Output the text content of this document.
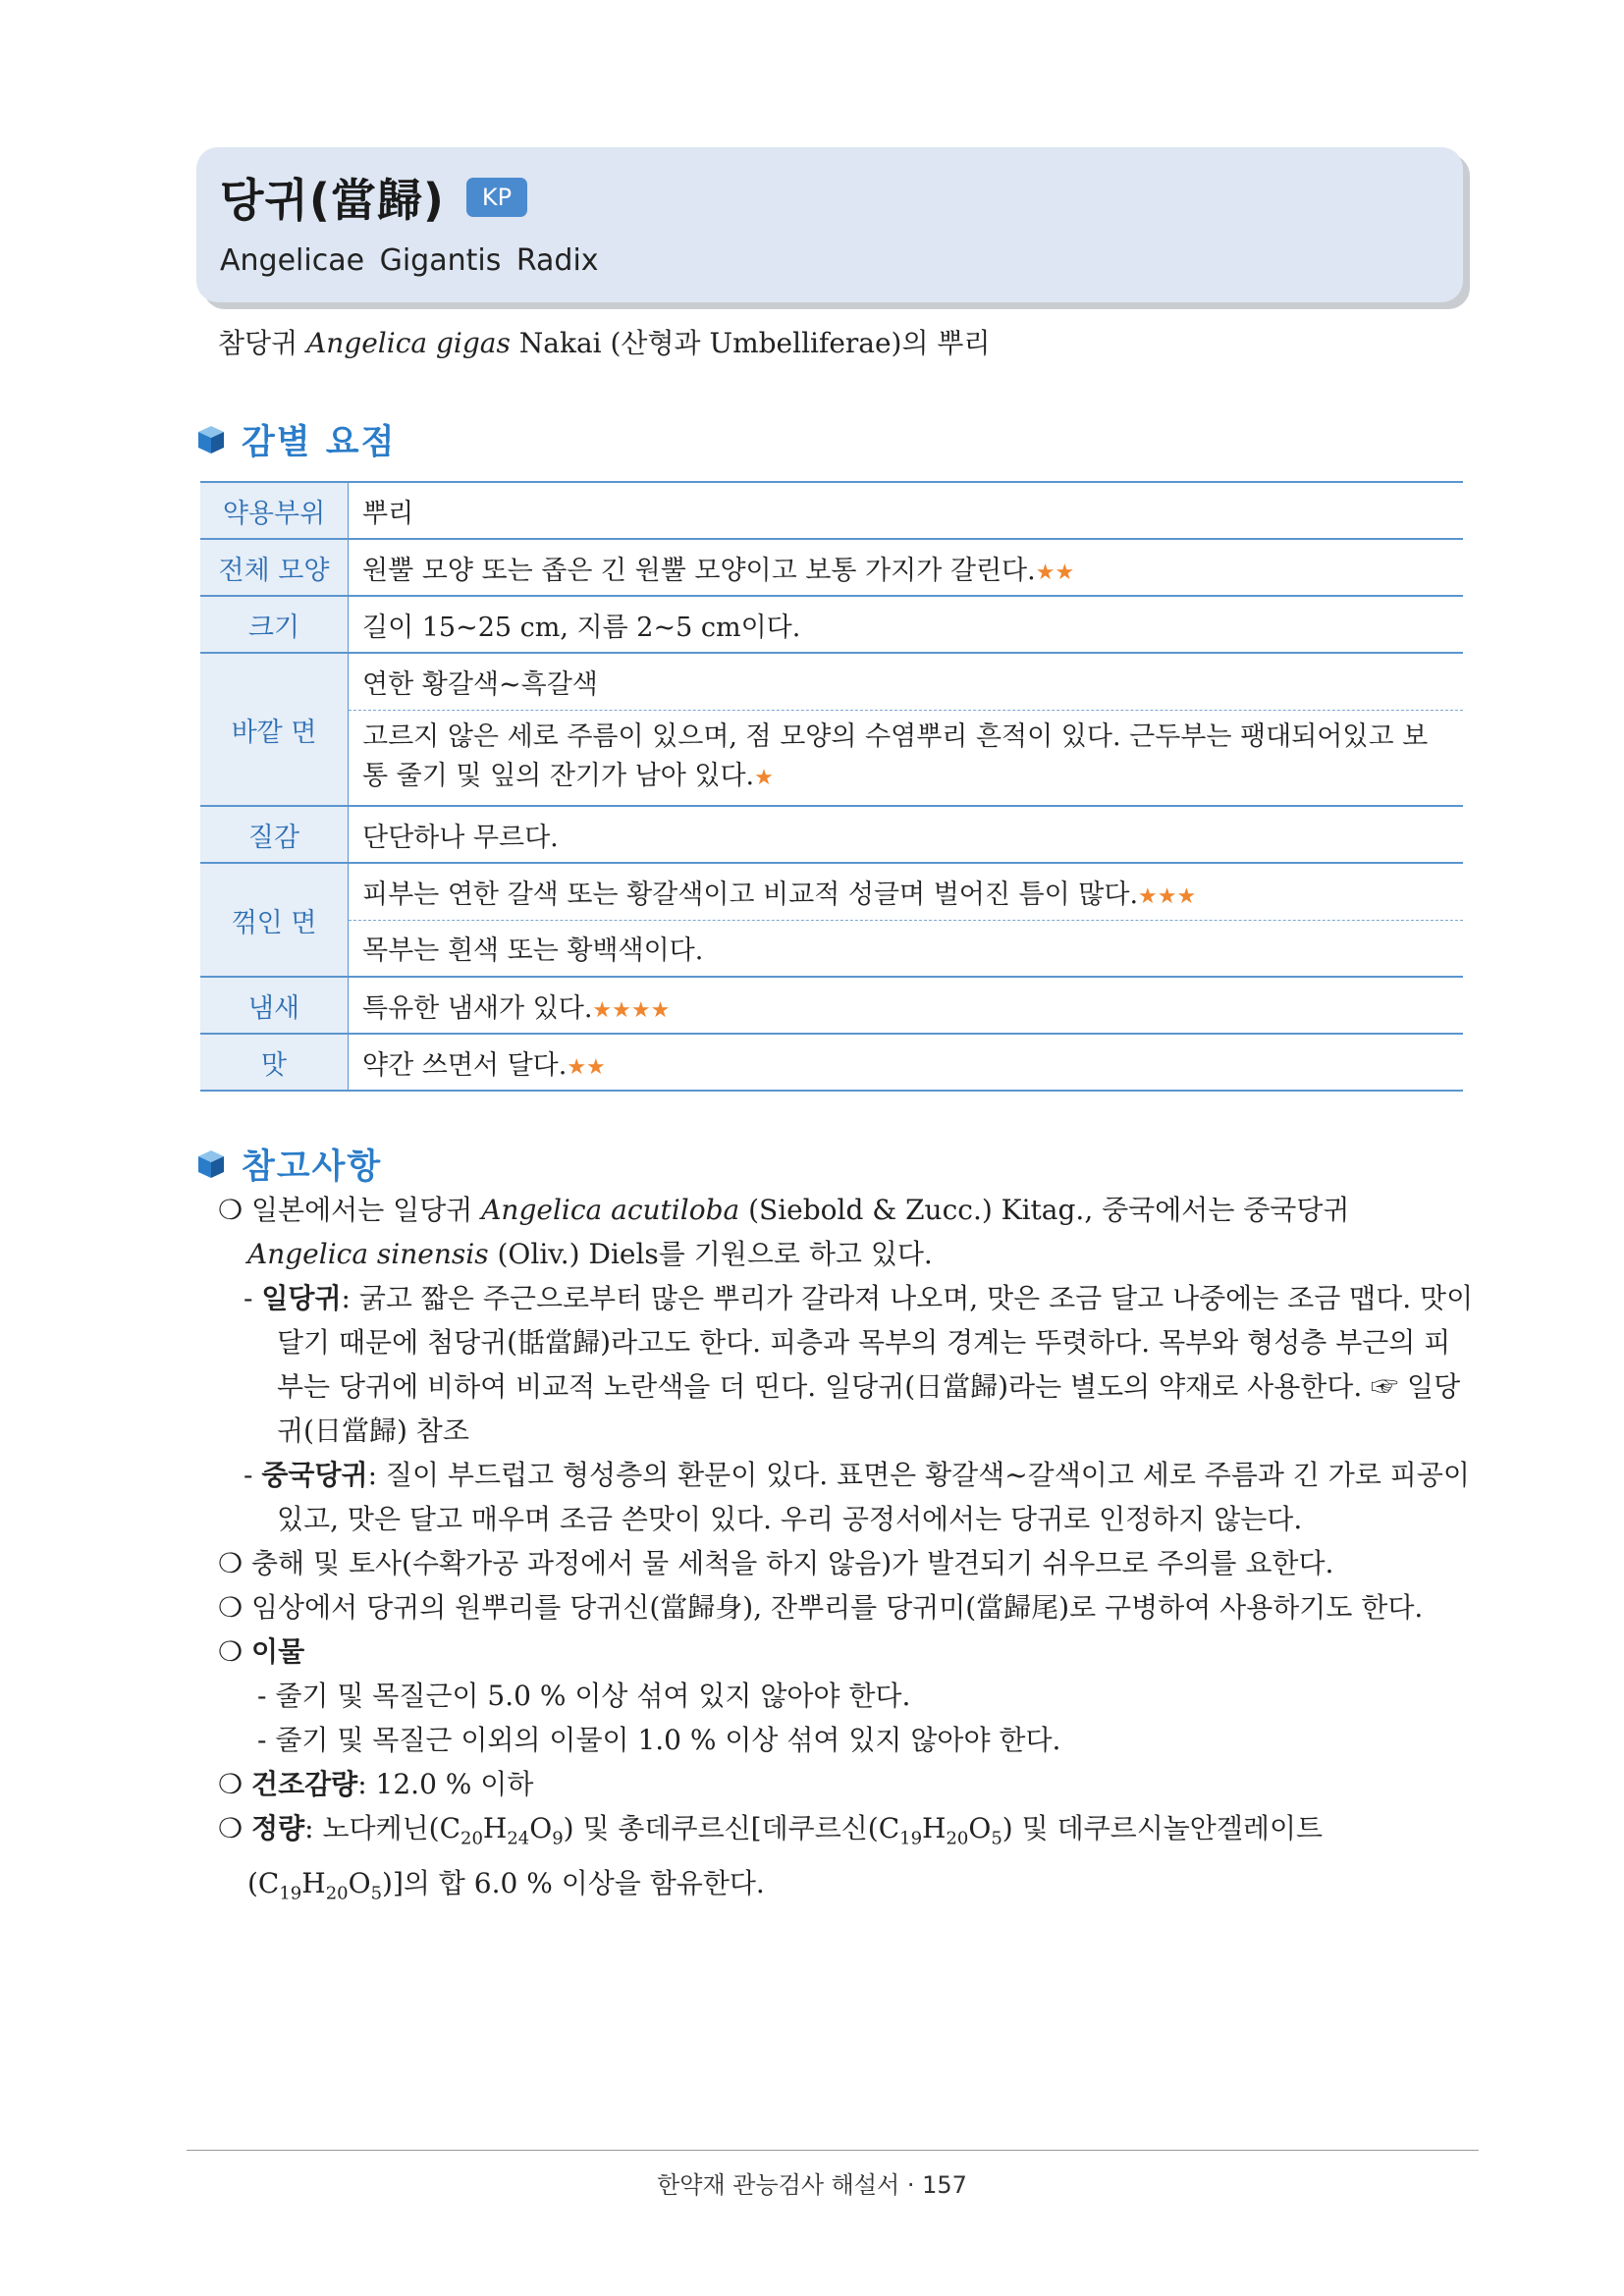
당귀(當歸)	KP
Angelicae Gigantis Radix
참당귀 Angelica gigas Nakai (산형과 Umbelliferae)의 뿌리
감별 요점
약용부위	뿌리
전체 모양	원뿔 모양 또는 좁은 긴 원뿔 모양이고 보통 가지가 갈린다.★★
크기	길이 15~25 cm, 지름 2~5 cm이다.
바깥 면	연한 황갈색~흑갈색
	고르지 않은 세로 주름이 있으며, 점 모양의 수염뿌리 흔적이 있다. 근두부는 팽대되어있고 보통 줄기 및 잎의 잔기가 남아 있다.★
질감	단단하나 무르다.
꺾인 면	피부는 연한 갈색 또는 황갈색이고 비교적 성글며 벌어진 틈이 많다.★★★
	목부는 흰색 또는 황백색이다.
냄새	특유한 냄새가 있다.★★★★
맛	약간 쓰면서 달다.★★
참고사항

❍ 일본에서는 일당귀 Angelica acutiloba (Siebold & Zucc.) Kitag., 중국에서는 중국당귀 Angelica sinensis (Oliv.) Diels를 기원으로 하고 있다.

- 일당귀: 굵고 짧은 주근으로부터 많은 뿌리가 갈라져 나오며, 맛은 조금 달고 나중에는 조금 맵다. 맛이 달기 때문에 첨당귀(甛當歸)라고도 한다. 피층과 목부의 경계는 뚜렷하다. 목부와 형성층 부근의 피부는 당귀에 비하여 비교적 노란색을 더 띤다. 일당귀(日當歸)라는 별도의 약재로 사용한다. ☞ 일당귀(日當歸) 참조

- 중국당귀: 질이 부드럽고 형성층의 환문이 있다. 표면은 황갈색~갈색이고 세로 주름과 긴 가로 피공이 있고, 맛은 달고 매우며 조금 쓴맛이 있다. 우리 공정서에서는 당귀로 인정하지 않는다.

❍ 충해 및 토사(수확가공 과정에서 물 세척을 하지 않음)가 발견되기 쉬우므로 주의를 요한다.

❍ 임상에서 당귀의 원뿌리를 당귀신(當歸身), 잔뿌리를 당귀미(當歸尾)로 구병하여 사용하기도 한다.

❍ 이물

- 줄기 및 목질근이 5.0 % 이상 섞여 있지 않아야 한다.

- 줄기 및 목질근 이외의 이물이 1.0 % 이상 섞여 있지 않아야 한다.

❍ 건조감량: 12.0 % 이하

❍ 정량: 노다케닌$(C_{20}H_{24}O_9)$ 및 총데쿠르신[데쿠르신$(C_{19}H_{20}O_5)$ 및 데쿠르시놀안겔레이트$(C_{19}H_{20}O_5)$]의 합 6.0 % 이상을 함유한다.

한약재 관능검사 해설서 · 157
